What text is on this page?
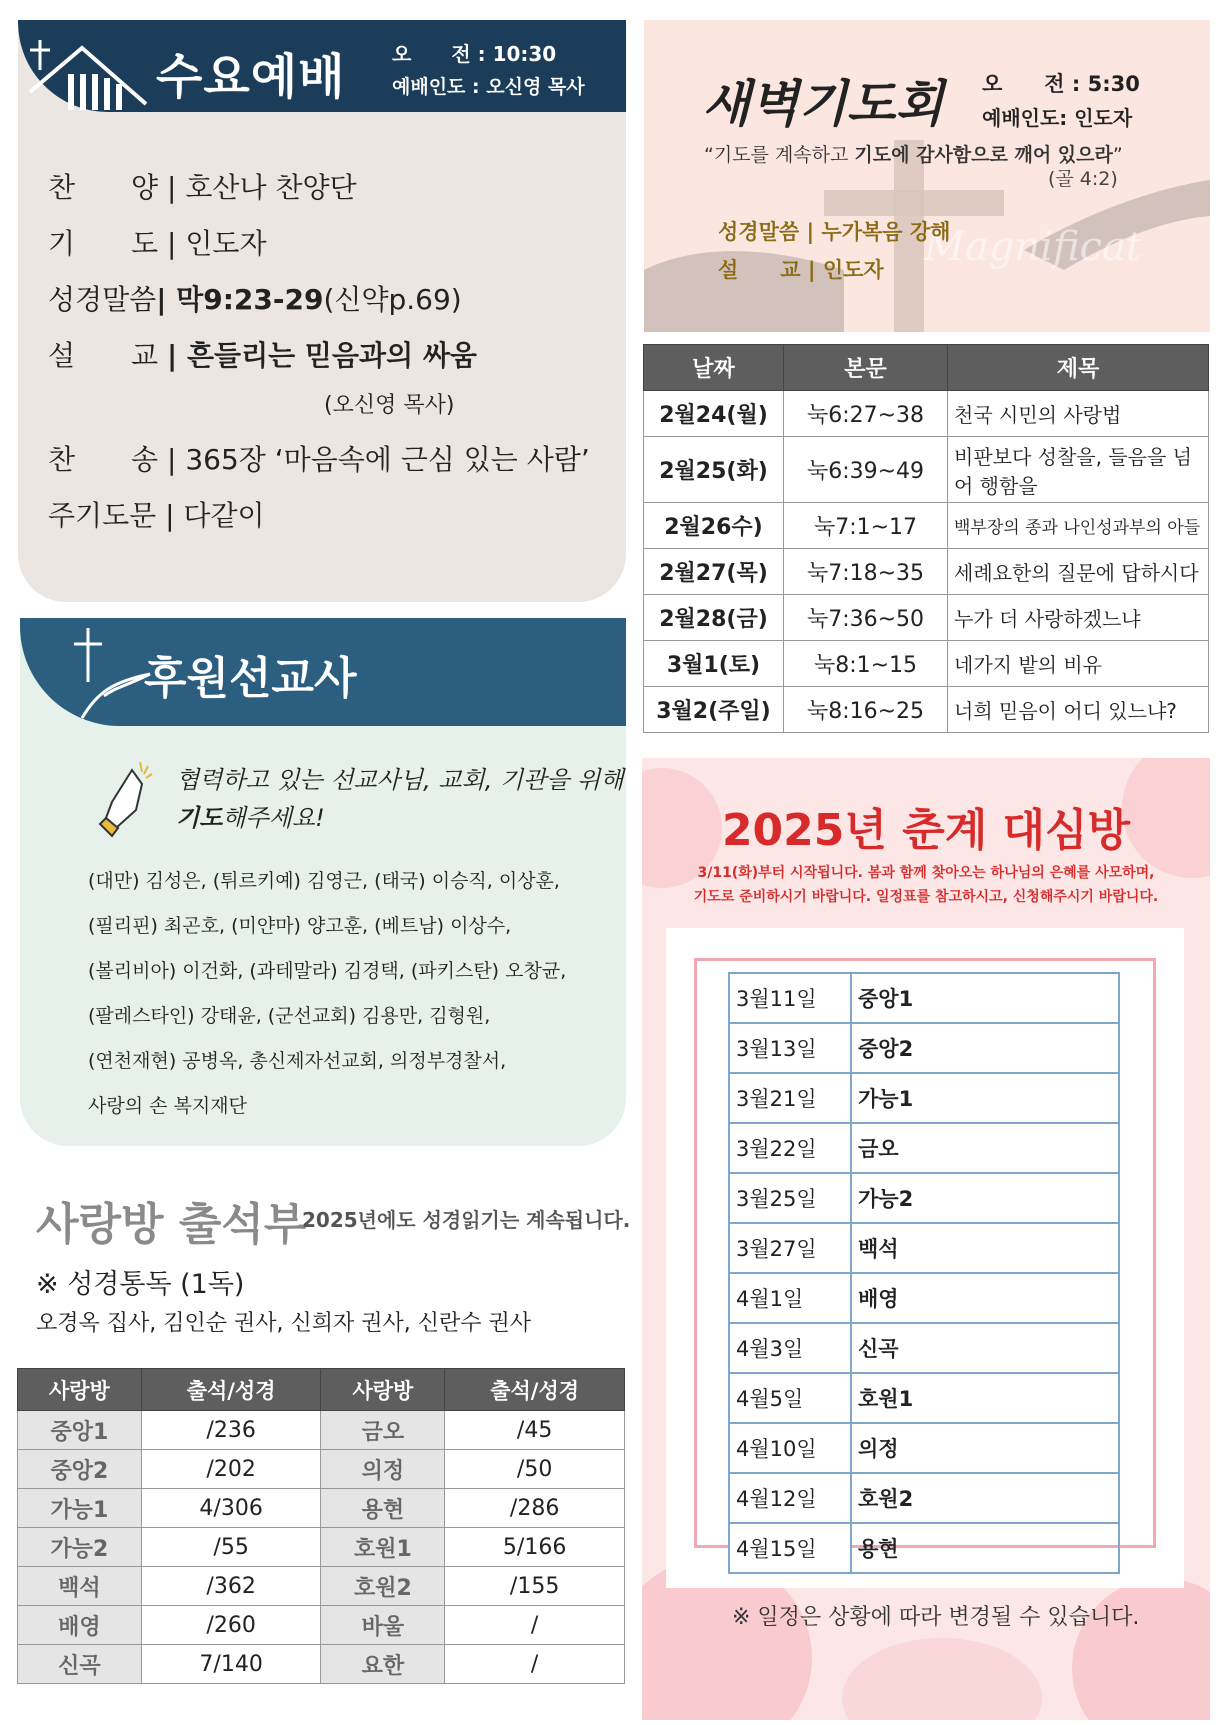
수요예배 오　　전 : 10:30
예배인도 : 오신영 목사
찬　　양 | 호산나 찬양단
기　　도 | 인도자
성경말씀| 막9:23-29(신약p.69)
설　　교 | 흔들리는 믿음과의 싸움
(오신영 목사)
찬　　송 | 365장 ‘마음속에 근심 있는 사람’
주기도문 | 다같이
후원선교사
협력하고 있는 선교사님, 교회, 기관을 위해
기도해주세요!
(대만) 김성은, (튀르키예) 김영근, (태국) 이승직, 이상훈,
(필리핀) 최곤호, (미얀마) 양고훈, (베트남) 이상수,
(볼리비아) 이건화, (과테말라) 김경택, (파키스탄) 오창균,
(팔레스타인) 강태윤, (군선교회) 김용만, 김형원,
(연천재현) 공병옥, 총신제자선교회, 의정부경찰서,
사랑의 손 복지재단
사랑방 출석부
2025년에도 성경읽기는 계속됩니다.
※ 성경통독 (1독)
오경옥 집사, 김인순 권사, 신희자 권사, 신란수 권사
사랑방	출석/성경	사랑방	출석/성경
중앙1	/236	금오	/45
중앙2	/202	의정	/50
가능1	4/306	용현	/286
가능2	/55	호원1	5/166
백석	/362	호원2	/155
배영	/260	바울	/
신곡	7/140	요한	/
Magnificat
새벽기도회 오　　전 : 5:30
예배인도: 인도자
“기도를 계속하고 기도에 감사함으로 깨어 있으라”
(골 4:2)
성경말씀 | 누가복음 강해
설　　교 | 인도자
날짜	본문	제목
2월24(월)	눅6:27~38	천국 시민의 사랑법
2월25(화)	눅6:39~49	비판보다 성찰을, 들음을 넘어 행함을
2월26수)	눅7:1~17	백부장의 종과 나인성과부의 아들
2월27(목)	눅7:18~35	세례요한의 질문에 답하시다
2월28(금)	눅7:36~50	누가 더 사랑하겠느냐
3월1(토)	눅8:1~15	네가지 밭의 비유
3월2(주일)	눅8:16~25	너희 믿음이 어디 있느냐?
2025년 춘계 대심방
3/11(화)부터 시작됩니다. 봄과 함께 찾아오는 하나님의 은혜를 사모하며,
기도로 준비하시기 바랍니다. 일정표를 참고하시고, 신청해주시기 바랍니다.
3월11일	중앙1
3월13일	중앙2
3월21일	가능1
3월22일	금오
3월25일	가능2
3월27일	백석
4월1일	배영
4월3일	신곡
4월5일	호원1
4월10일	의정
4월12일	호원2
4월15일	용현
※ 일정은 상황에 따라 변경될 수 있습니다.
